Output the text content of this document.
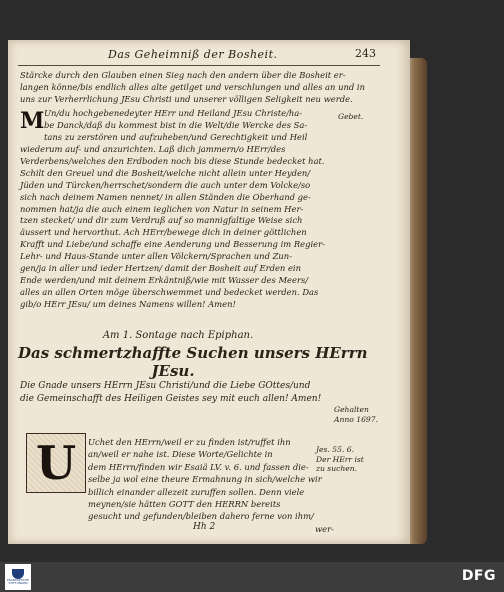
Das Geheimniß der Bosheit.	243
Stärcke durch den Glauben einen Sieg nach den andern über die Bosheit er-
langen könne/bis endlich alles alte getilget und verschlungen und alles an und in
uns zur Verherrlichung JEsu Christi und unserer völligen Seligkeit neu werde.
M Un/du hochgebenedeyter HErr und Heiland JEsu Christe/ha-
be Danck/daß du kommest bist in die Welt/die Wercke des Sa-
tans zu zerstören und aufzuheben/und Gerechtigkeit und Heil
wiederum auf- und anzurichten. Laß dich jammern/o HErr/des
Verderbens/welches den Erdboden noch bis diese Stunde bedecket hat.
Schilt den Greuel und die Bosheit/welche nicht allein unter Heyden/
Jüden und Türcken/herrschet/sondern die auch unter dem Volcke/so
sich nach deinem Namen nennet/ in allen Ständen die Oberhand ge-
nommen hat/ja die auch einem ieglichen von Natur in seinem Her-
tzen stecket/ und dir zum Verdruß auf so mannigfaltige Weise sich
äussert und hervorthut. Ach HErr/bewege dich in deiner göttlichen
Krafft und Liebe/und schaffe eine Aenderung und Besserung im Regier-
Lehr- und Haus-Stande unter allen Völckern/Sprachen und Zun-
gen/ja in aller und ieder Hertzen/ damit der Bosheit auf Erden ein
Ende werden/und mit deinem Erkäntniß/wie mit Wasser des Meers/
alles an allen Orten möge überschwemmet und bedecket werden. Das
gib/o HErr JEsu/ um deines Namens willen! Amen!
Gebet.
Am 1. Sontage nach Epiphan.
Das schmertzhaffte Suchen unsers HErrn
JEsu.
Die Gnade unsers HErrn JEsu Christi/und die Liebe GOttes/und
die Gemeinschafft des Heiligen Geistes sey mit euch allen! Amen!
Gehalten
Anno 1697.
U	Uchet den HErrn/weil er zu finden ist/ruffet ihn
an/weil er nahe ist. Diese Worte/Gelichte in
dem HErrn/finden wir Esaiä LV. v. 6. und fassen die-
selbe ja wol eine theure Ermahnung in sich/welche wir
billich einander allezeit zuruffen sollen. Denn viele
meynen/sie hätten GOTT den HERRN bereits
gesucht und gefunden/bleiben dahero ferne von ihm/
Jes. 55. 6.
Der HErr ist
zu suchen.
Hh 2	wer-
FRANCKESCHE
STIFTUNGEN	DFG
